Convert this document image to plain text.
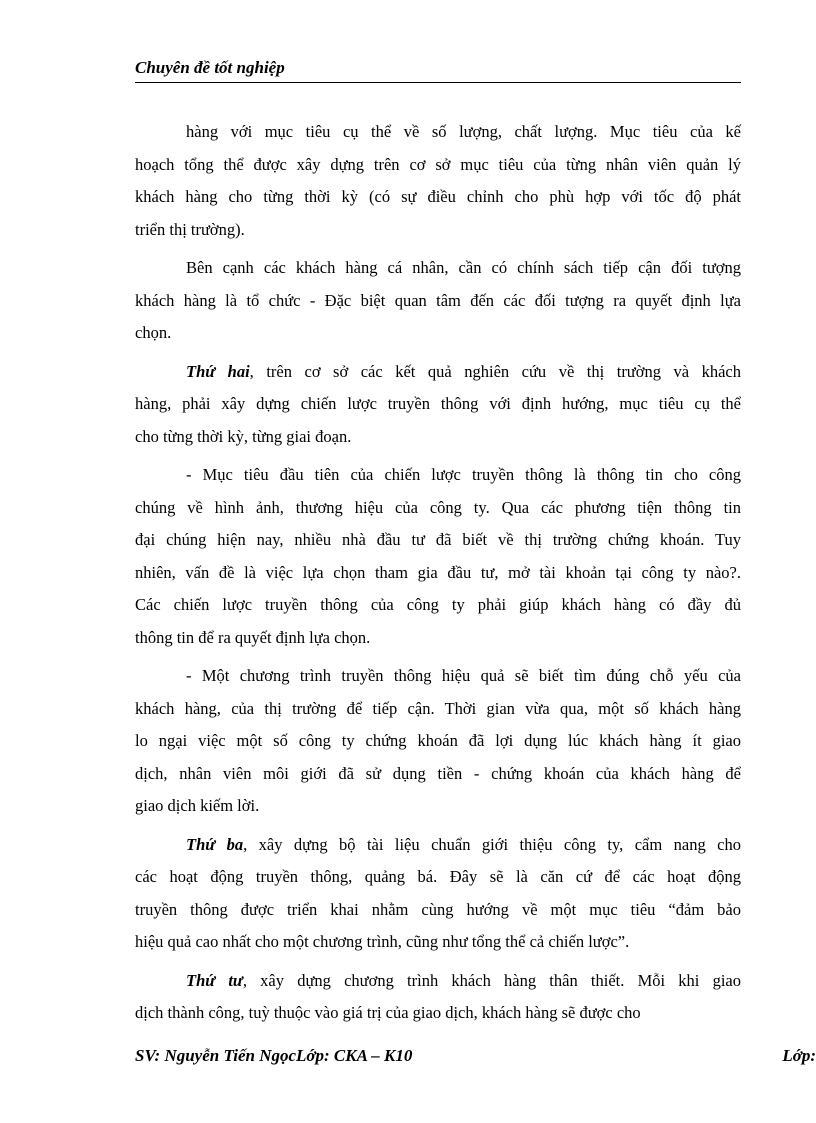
Chuyên đề tốt nghiệp

hàng với mục tiêu cụ thể về số lượng, chất lượng. Mục tiêu của kế
hoạch tổng thể được xây dựng trên cơ sở mục tiêu của từng nhân viên quản lý
khách hàng cho từng thời kỳ (có sự điều chỉnh cho phù hợp với tốc độ phát
triển thị trường).

Bên cạnh các khách hàng cá nhân, cần có chính sách tiếp cận đối tượng
khách hàng là tổ chức - Đặc biệt quan tâm đến các đối tượng ra quyết định lựa
chọn.

Thứ hai, trên cơ sở các kết quả nghiên cứu về thị trường và khách
hàng, phải xây dựng chiến lược truyền thông với định hướng, mục tiêu cụ thể
cho từng thời kỳ, từng giai đoạn.

- Mục tiêu đầu tiên của chiến lược truyền thông là thông tin cho công
chúng về hình ảnh, thương hiệu của công ty. Qua các phương tiện thông tin
đại chúng hiện nay, nhiều nhà đầu tư đã biết về thị trường chứng khoán. Tuy
nhiên, vấn đề là việc lựa chọn tham gia đầu tư, mở tài khoản tại công ty nào?.
Các chiến lược truyền thông của công ty phải giúp khách hàng có đầy đủ
thông tin để ra quyết định lựa chọn.

- Một chương trình truyền thông hiệu quả sẽ biết tìm đúng chỗ yếu của
khách hàng, của thị trường để tiếp cận. Thời gian vừa qua, một số khách hàng
lo ngại việc một số công ty chứng khoán đã lợi dụng lúc khách hàng ít giao
dịch, nhân viên môi giới đã sử dụng tiền - chứng khoán của khách hàng để
giao dịch kiếm lời.

Thứ ba, xây dựng bộ tài liệu chuẩn giới thiệu công ty, cẩm nang cho
các hoạt động truyền thông, quảng bá. Đây sẽ là căn cứ để các hoạt động
truyền thông được triển khai nhằm cùng hướng về một mục tiêu “đảm bảo
hiệu quả cao nhất cho một chương trình, cũng như tổng thể cả chiến lược”.

Thứ tư, xây dựng chương trình khách hàng thân thiết. Mỗi khi giao
dịch thành công, tuỳ thuộc vào giá trị của giao dịch, khách hàng sẽ được cho

SV: Nguyễn Tiến NgọcLớp: CKA – K10	Lớp:
